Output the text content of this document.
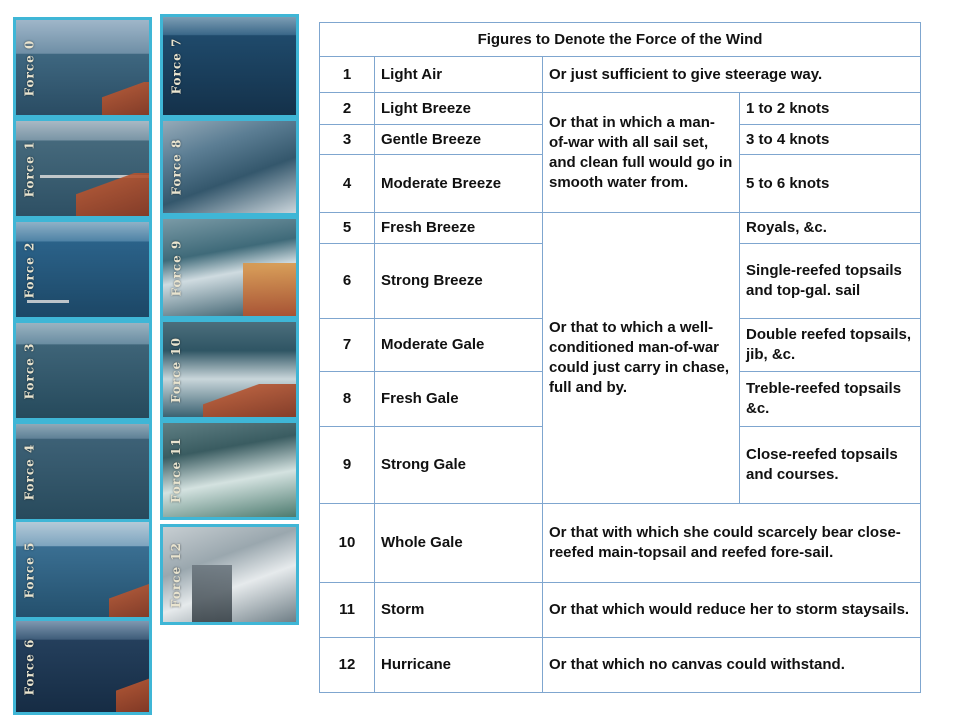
Force 0
Force 1
Force 2
Force 3
Force 4
Force 5
Force 6
Force 7
Force 8
Force 9
Force 10
Force 11
Force 12
Figures to Denote the Force of the Wind			
1	Light Air	Or just sufficient to give steerage way.	
2	Light Breeze	Or that in which a man-of-war with all sail set, and clean full would go in smooth water from.	1 to 2 knots
3	Gentle Breeze		3 to 4 knots
4	Moderate Breeze		5 to 6 knots
5	Fresh Breeze	Or that to which a well-conditioned man-of-war could just carry in chase, full and by.	Royals, &c.
6	Strong Breeze		Single-reefed topsails and top-gal. sail
7	Moderate Gale		Double reefed topsails, jib, &c.
8	Fresh Gale		Treble-reefed topsails &c.
9	Strong Gale		Close-reefed topsails and courses.
10	Whole Gale	Or that with which she could scarcely bear close-reefed main-topsail and reefed fore-sail.	
11	Storm	Or that which would reduce her to storm staysails.	
12	Hurricane	Or that which no canvas could withstand.	
